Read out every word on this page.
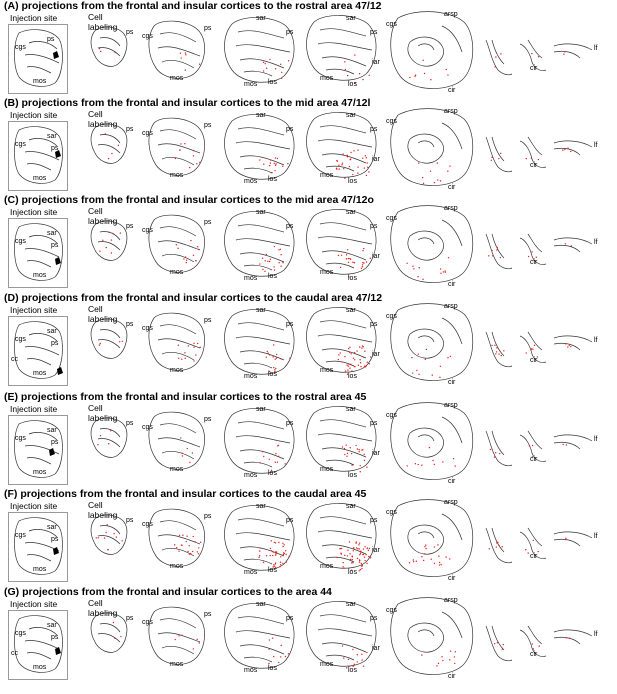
(A) projections from the frontal and insular cortices to the rostral area 47/12
Injection site	Cell
labeling
cgs
ps
mos
ps
cgs
ps
mos
sar
ps
mos los
sar
ps
iar
los
mos
arsp
cir
cgs
cir
lf
(B) projections from the frontal and insular cortices to the mid area 47/12l
Injection site	Cell
labeling
cgs
sar
mos
ps
ps
cgs
ps
mos
sar
ps
mos los
sar
ps
iar
los
mos
arsp
cir
cgs
cir
lf
(C) projections from the frontal and insular cortices to the mid area 47/12o
Injection site	Cell
labeling
cgs
sar
mos
ps
ps
cgs
ps
mos
sar
ps
mos los
sar
ps
iar
los
mos
arsp
cir
cgs
cir
lf
(D) projections from the frontal and insular cortices to the caudal area 47/12
Injection site	Cell
labeling
cgs
sar
mos
ps
cc
ps
cgs
ps
mos
sar
ps
mos los
sar
ps
iar
los
mos
arsp
cir
cgs
cir
lf
(E) projections from the frontal and insular cortices to the rostral area 45
Injection site	Cell
labeling
cgs
sar
mos
ps
ps
cgs
ps
mos
sar
ps
mos los
sar
ps
iar
los
mos
arsp
cir
cgs
cir
lf
(F) projections from the frontal and insular cortices to the caudal area 45
Injection site	Cell
labeling
cgs
sar
mos
ps
ps
cgs
ps
mos
sar
ps
mos los
sar
ps
iar
los
mos
arsp
cir
cgs
cir
lf
(G) projections from the frontal and insular cortices to the area 44
Injection site	Cell
labeling
cgs
sar
mos
ps
cc
ps
cgs
ps
mos
sar
ps
mos los
sar
ps
iar
los
mos
arsp
cir
cgs
cir
lf
